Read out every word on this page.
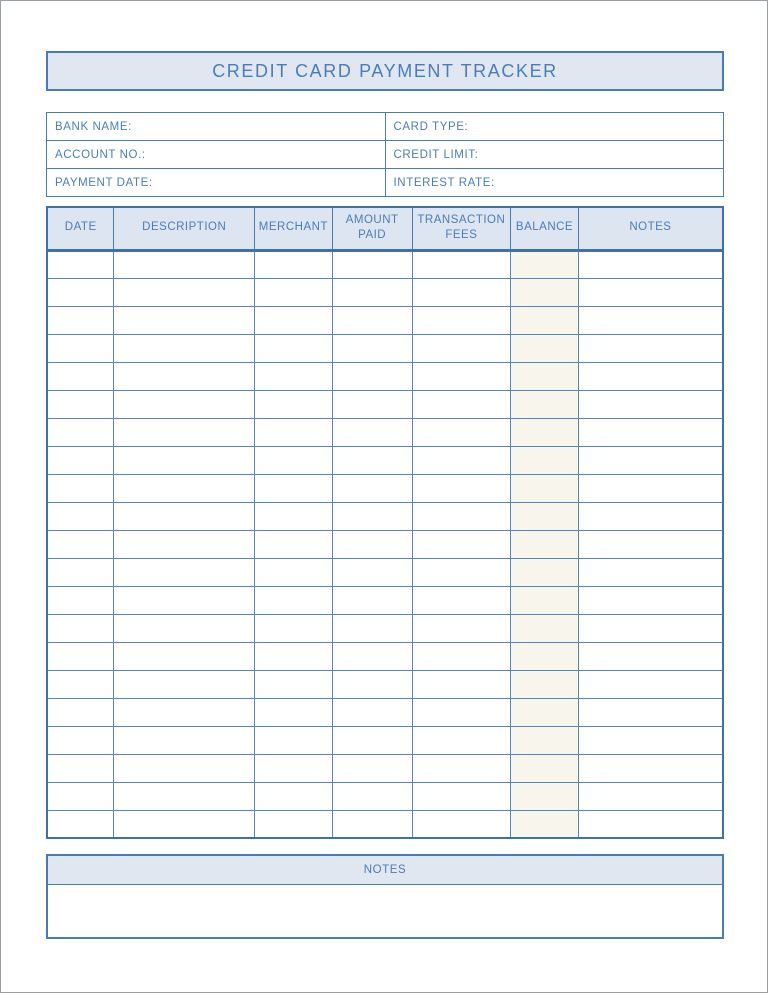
CREDIT CARD PAYMENT TRACKER
BANK NAME:	CARD TYPE:
ACCOUNT NO.:	CREDIT LIMIT:
PAYMENT DATE:	INTEREST RATE:
DATE	DESCRIPTION	MERCHANT	AMOUNT PAID	TRANSACTION FEES	BALANCE	NOTES

NOTES
